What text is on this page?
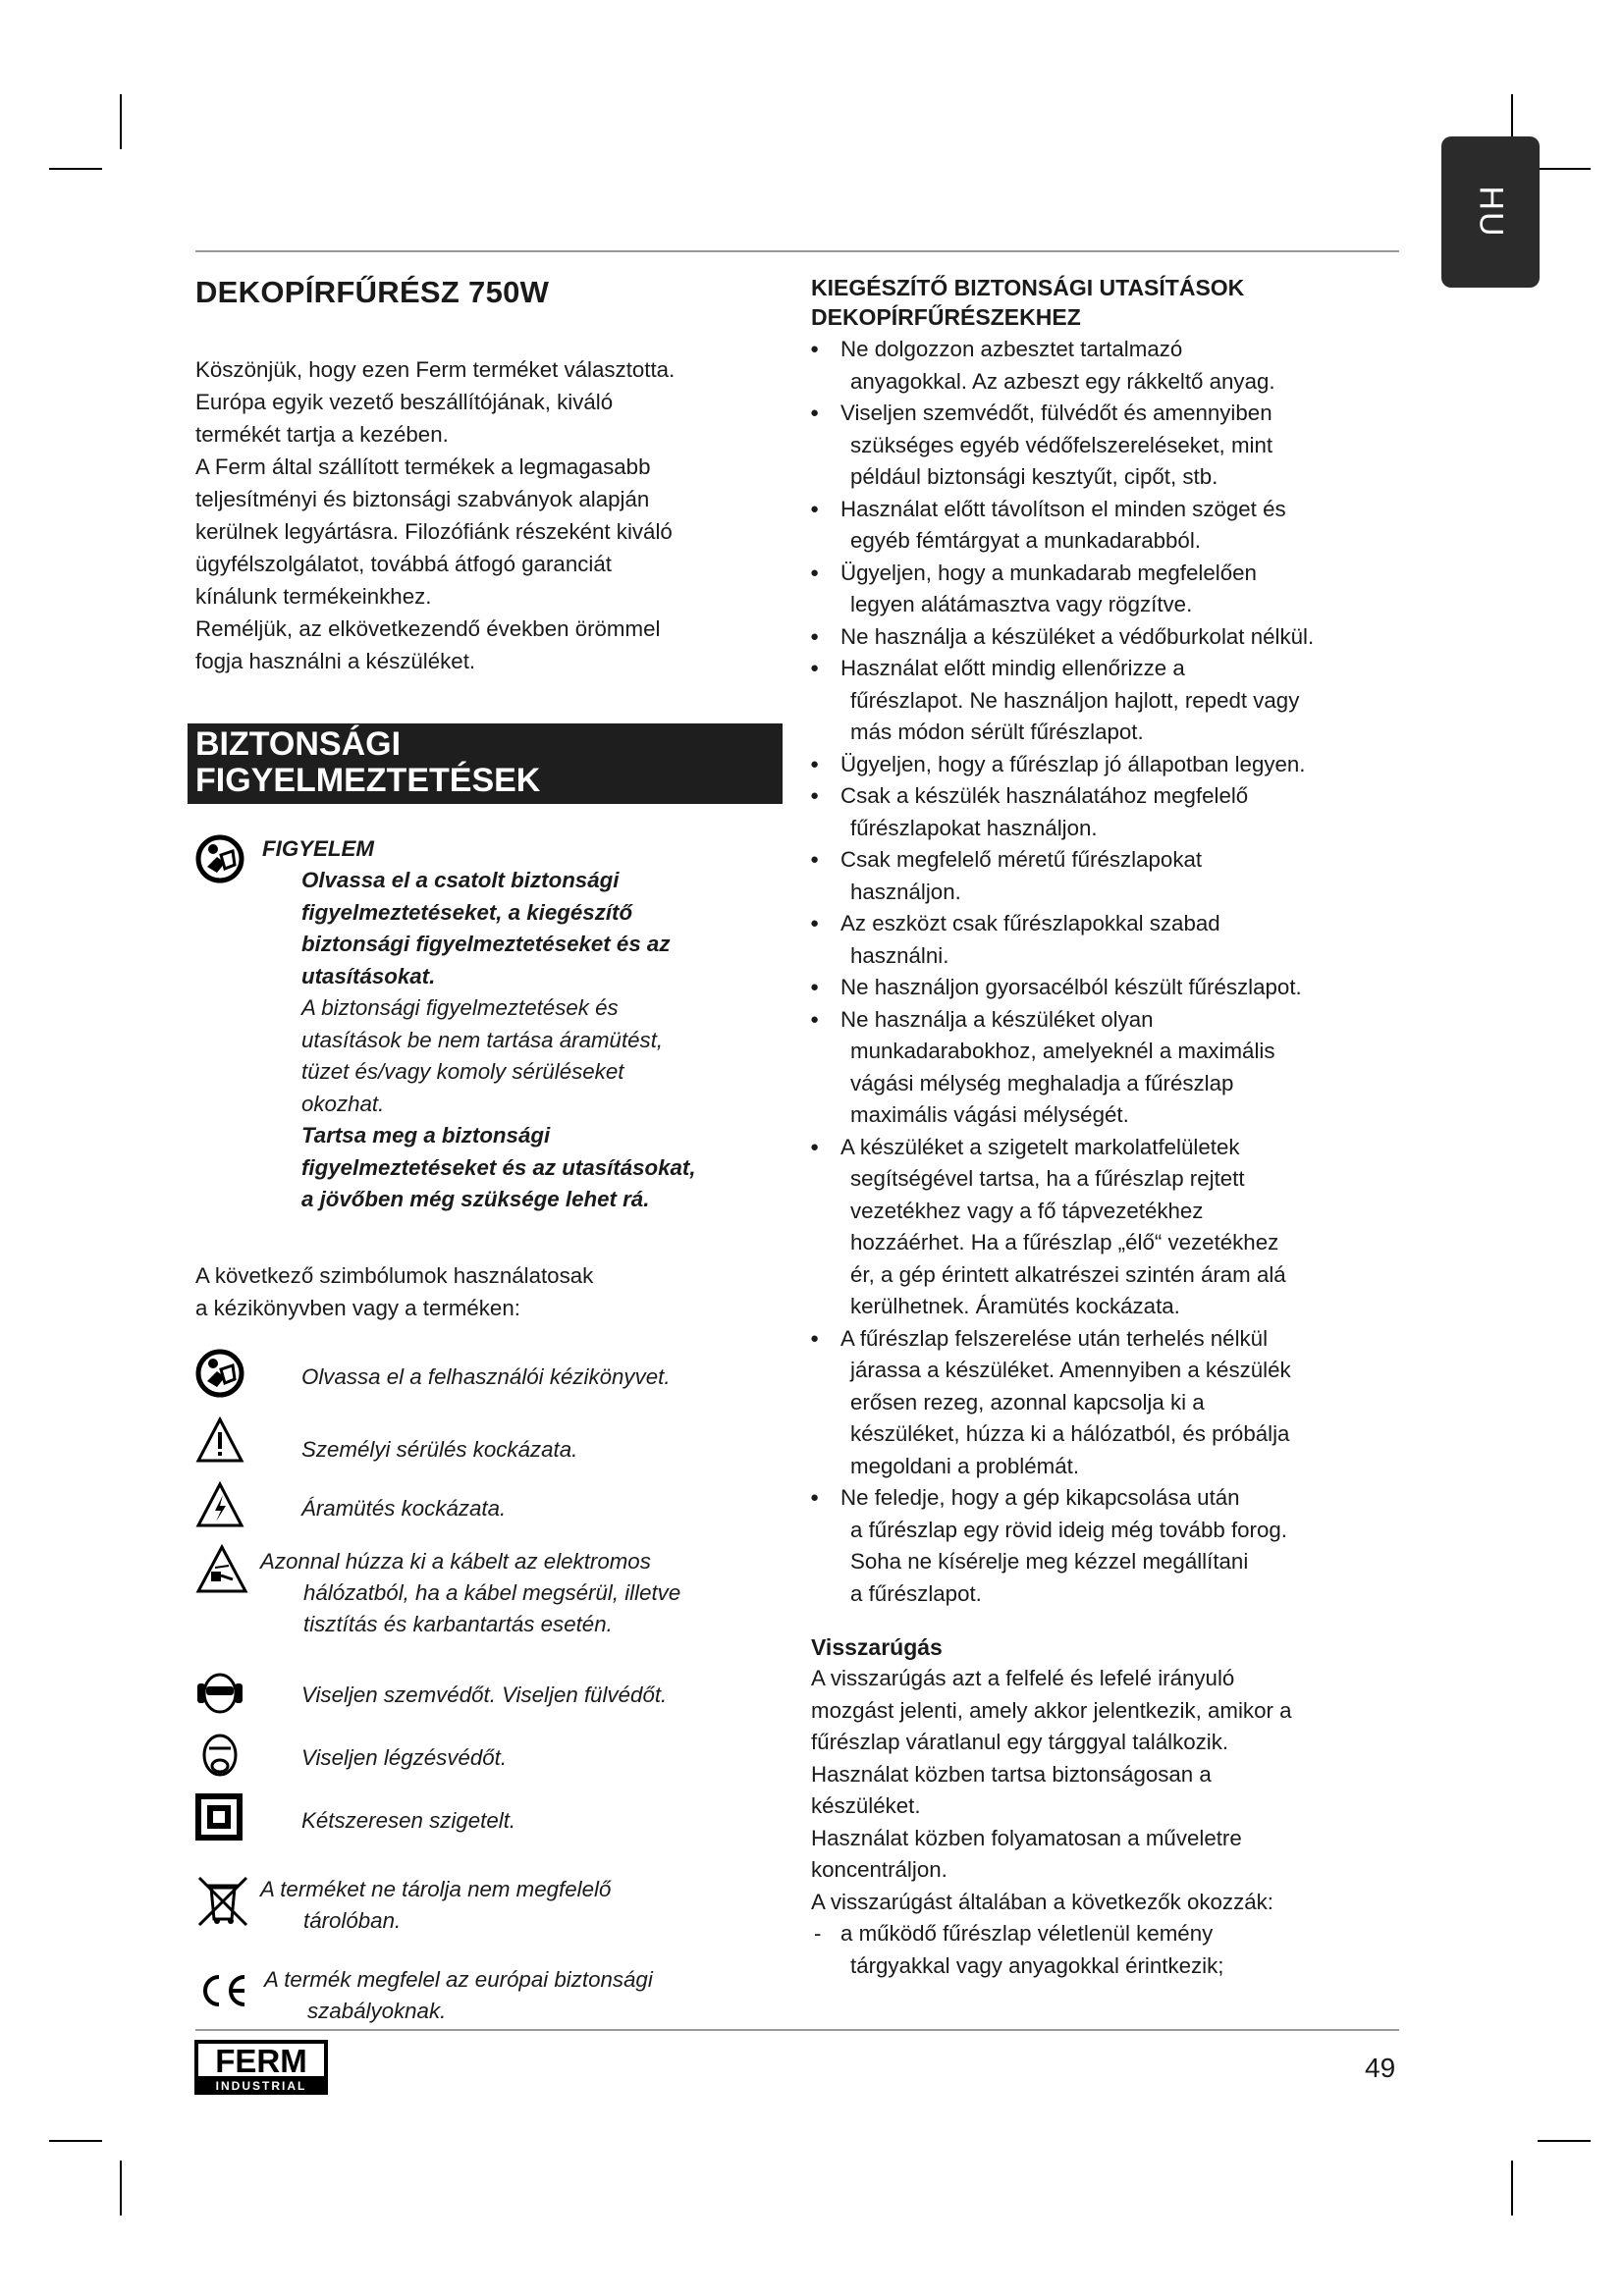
HU
DEKOPÍRFŰRÉSZ 750W

Köszönjük, hogy ezen Ferm terméket választotta.
Európa egyik vezető beszállítójának, kiváló
termékét tartja a kezében.
A Ferm által szállított termékek a legmagasabb
teljesítményi és biztonsági szabványok alapján
kerülnek legyártásra. Filozófiánk részeként kiváló
ügyfélszolgálatot, továbbá átfogó garanciát
kínálunk termékeinkhez.
Reméljük, az elkövetkezendő években örömmel
fogja használni a készüléket.

BIZTONSÁGI
FIGYELMEZTETÉSEK
FIGYELEM
Olvassa el a csatolt biztonsági
figyelmeztetéseket, a kiegészítő
biztonsági figyelmeztetéseket és az
utasításokat.
A biztonsági figyelmeztetések és
utasítások be nem tartása áramütést,
tüzet és/vagy komoly sérüléseket
okozhat.
Tartsa meg a biztonsági
figyelmeztetéseket és az utasításokat,
a jövőben még szüksége lehet rá.

A következő szimbólumok használatosak
a kézikönyvben vagy a terméken:

Olvassa el a felhasználói kézikönyvet.
Személyi sérülés kockázata.
Áramütés kockázata.
Azonnal húzza ki a kábelt az elektromos
hálózatból, ha a kábel megsérül, illetve
tisztítás és karbantartás esetén.
Viseljen szemvédőt. Viseljen fülvédőt.
Viseljen légzésvédőt.
Kétszeresen szigetelt.
A terméket ne tárolja nem megfelelő
tárolóban.
A termék megfelel az európai biztonsági
szabályoknak.
KIEGÉSZÍTŐ BIZTONSÁGI UTASÍTÁSOK
DEKOPÍRFŰRÉSZEKHEZ
● Ne dolgozzon azbesztet tartalmazó
anyagokkal. Az azbeszt egy rákkeltő anyag.
● Viseljen szemvédőt, fülvédőt és amennyiben
szükséges egyéb védőfelszereléseket, mint
például biztonsági kesztyűt, cipőt, stb.
● Használat előtt távolítson el minden szöget és
egyéb fémtárgyat a munkadarabból.
● Ügyeljen, hogy a munkadarab megfelelően
legyen alátámasztva vagy rögzítve.
● Ne használja a készüléket a védőburkolat nélkül.
● Használat előtt mindig ellenőrizze a
fűrészlapot. Ne használjon hajlott, repedt vagy
más módon sérült fűrészlapot.
● Ügyeljen, hogy a fűrészlap jó állapotban legyen.
● Csak a készülék használatához megfelelő
fűrészlapokat használjon.
● Csak megfelelő méretű fűrészlapokat
használjon.
● Az eszközt csak fűrészlapokkal szabad
használni.
● Ne használjon gyorsacélból készült fűrészlapot.
● Ne használja a készüléket olyan
munkadarabokhoz, amelyeknél a maximális
vágási mélység meghaladja a fűrészlap
maximális vágási mélységét.
● A készüléket a szigetelt markolatfelületek
segítségével tartsa, ha a fűrészlap rejtett
vezetékhez vagy a fő tápvezetékhez
hozzáérhet. Ha a fűrészlap „élő“ vezetékhez
ér, a gép érintett alkatrészei szintén áram alá
kerülhetnek. Áramütés kockázata.
● A fűrészlap felszerelése után terhelés nélkül
járassa a készüléket. Amennyiben a készülék
erősen rezeg, azonnal kapcsolja ki a
készüléket, húzza ki a hálózatból, és próbálja
megoldani a problémát.
● Ne feledje, hogy a gép kikapcsolása után
a fűrészlap egy rövid ideig még tovább forog.
Soha ne kísérelje meg kézzel megállítani
a fűrészlapot.
Visszarúgás

A visszarúgás azt a felfelé és lefelé irányuló
mozgást jelenti, amely akkor jelentkezik, amikor a
fűrészlap váratlanul egy tárggyal találkozik.

Használat közben tartsa biztonságosan a
készüléket.

Használat közben folyamatosan a műveletre
koncentráljon.

A visszarúgást általában a következők okozzák:

- a működő fűrészlap véletlenül kemény
tárgyakkal vagy anyagokkal érintkezik;
FERM
INDUSTRIAL
49
